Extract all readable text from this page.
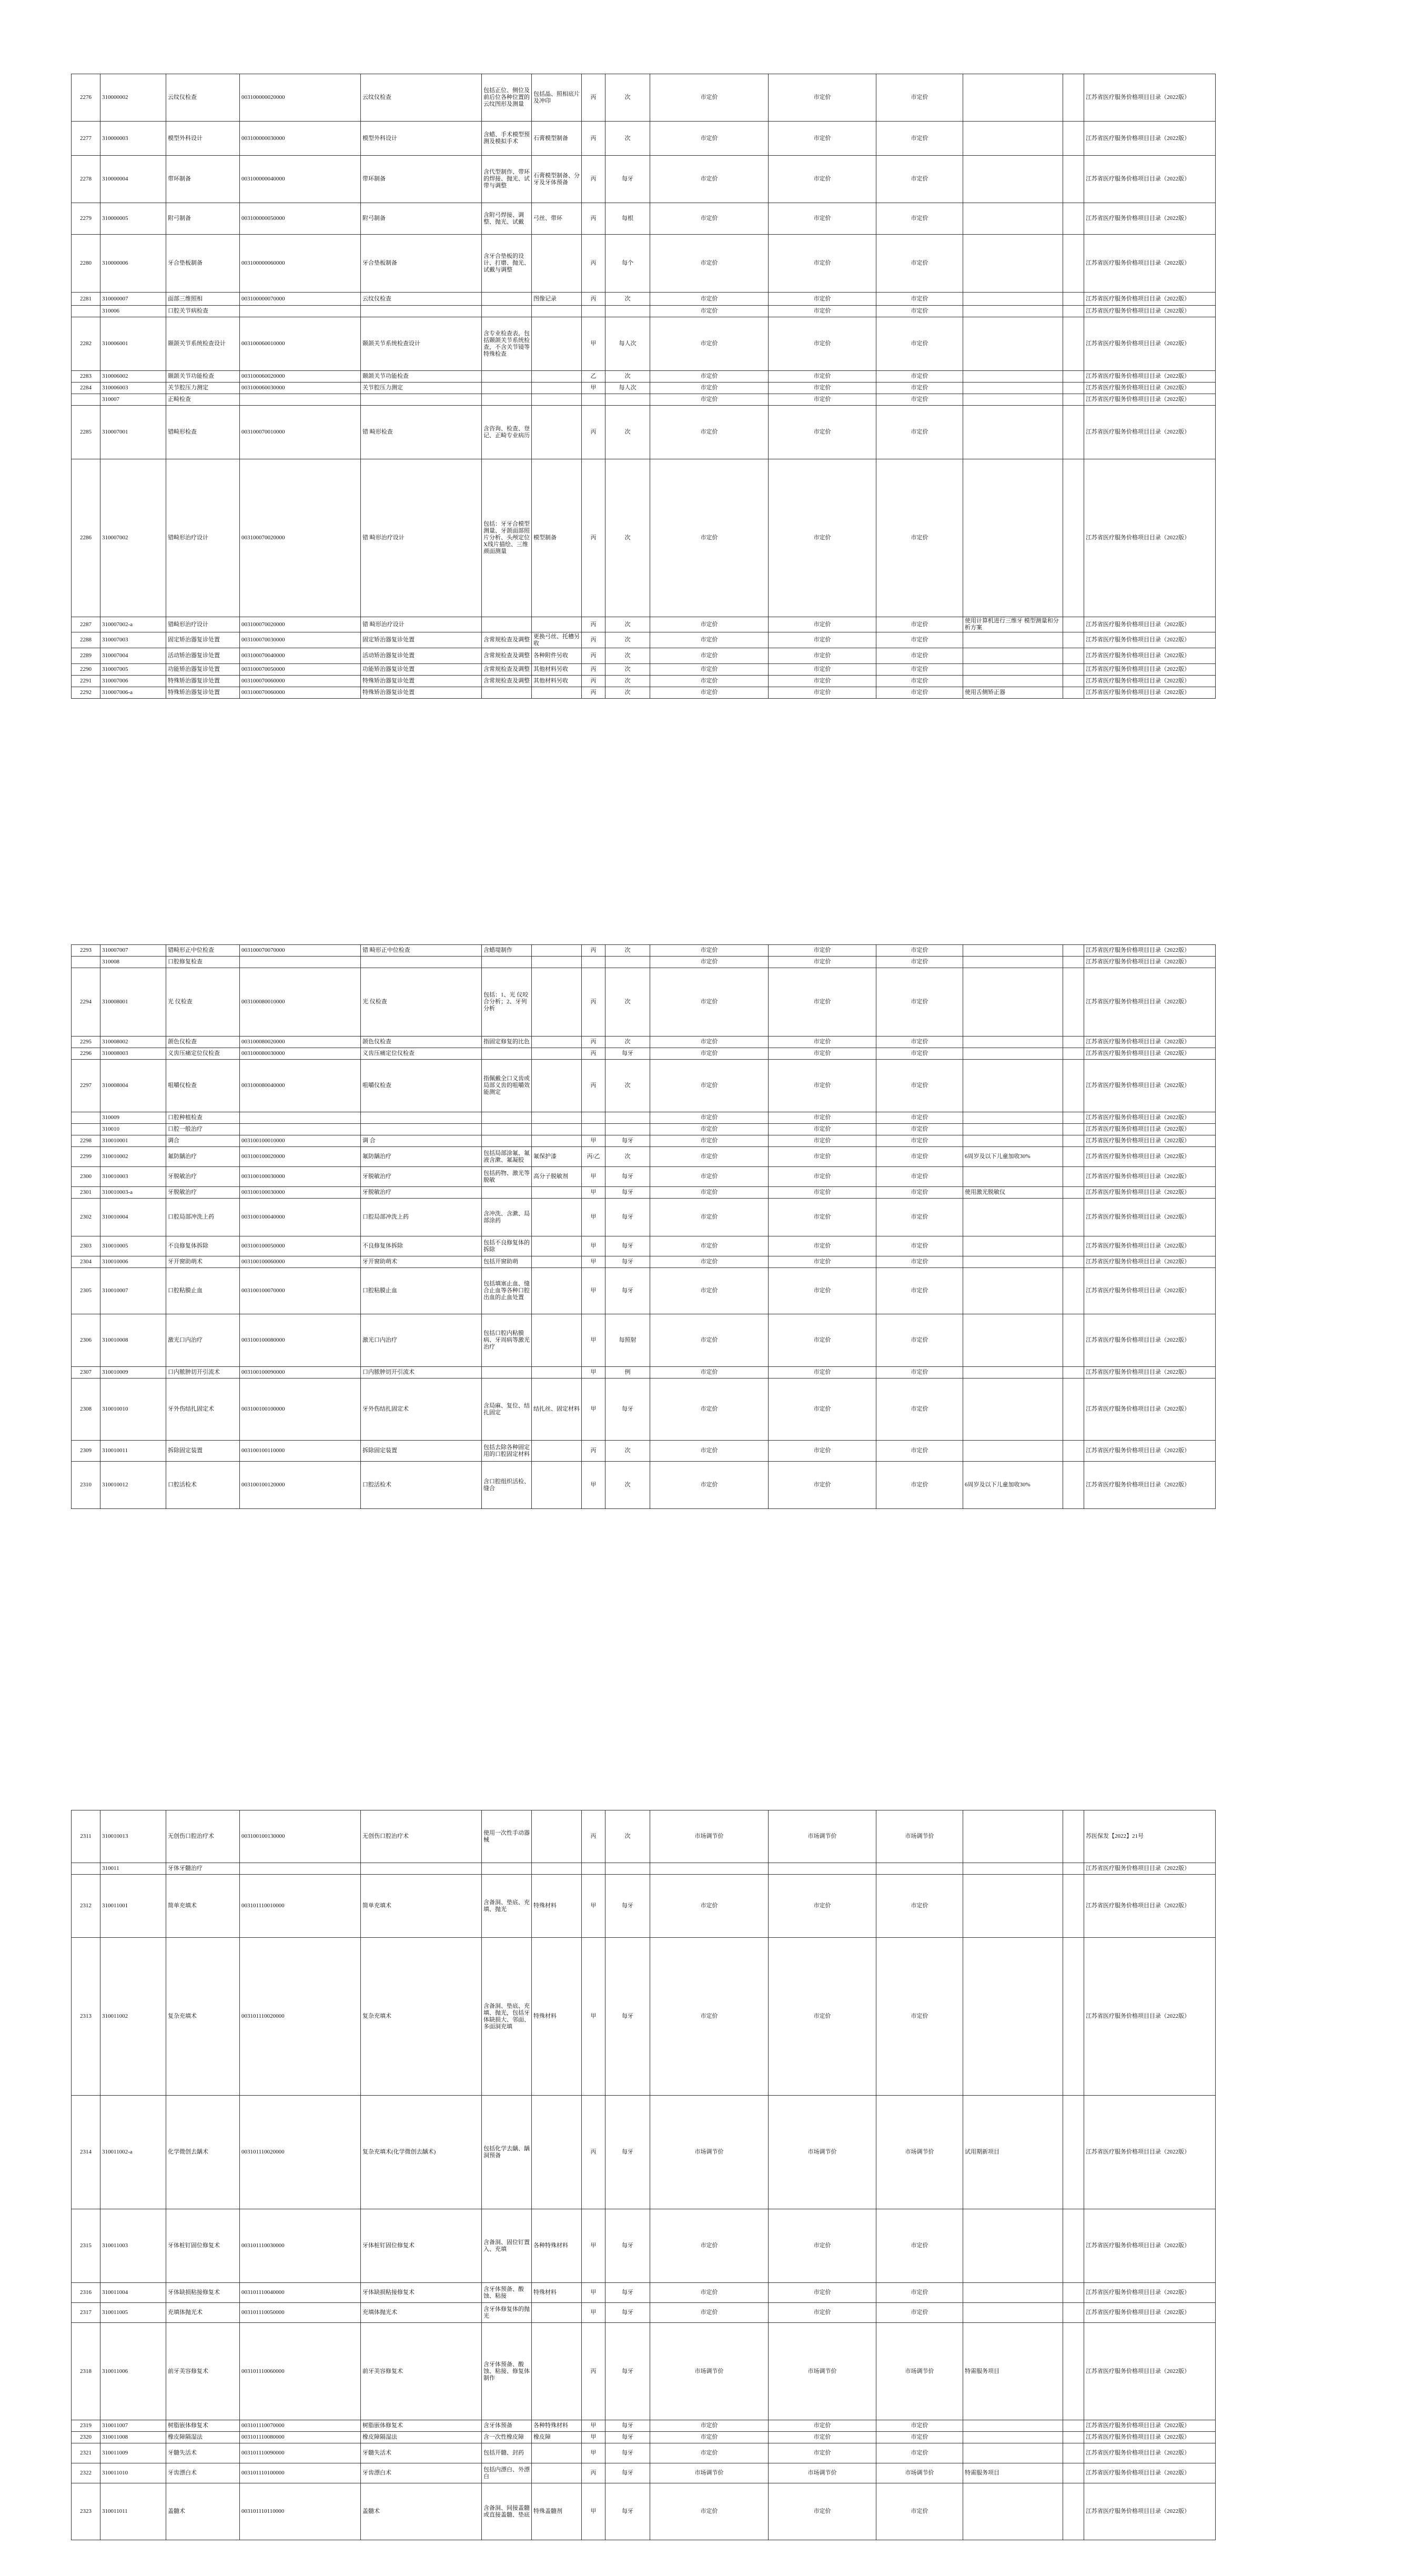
2276	310000002	云纹仪检查	003100000020000	云纹仪检查	包括正位、侧位及前后位各种位置的云纹图形及测量	包括晶、照相底片及冲印	丙	次	市定价	市定价	市定价			江苏省医疗服务价格项目目录（2022版）
2277	310000003	模型外科设计	003100000030000	模型外科设计	含蜡、手术模型预测及模拟手术	石膏模型制备	丙	次	市定价	市定价	市定价			江苏省医疗服务价格项目目录（2022版）
2278	310000004	带环制备	003100000040000	带环制备	含代型制作、带环的焊接、抛光、试带与调整	石膏模型制备、分牙及牙体预备	丙	每牙	市定价	市定价	市定价			江苏省医疗服务价格项目目录（2022版）
2279	310000005	附弓制备	003100000050000	附弓制备	含附弓焊接、调整、抛光、试戴	弓丝、带环	丙	每根	市定价	市定价	市定价			江苏省医疗服务价格项目目录（2022版）
2280	310000006	牙合垫板制备	003100000060000	牙合垫板制备	含牙合垫板的设计、打磨、抛光、试戴与调整		丙	每个	市定价	市定价	市定价			江苏省医疗服务价格项目目录（2022版）
2281	310000007	面部三维照相	003100000070000	云纹仪检查		图像记录	丙	次	市定价	市定价	市定价			江苏省医疗服务价格项目目录（2022版）
	310006	口腔关节病检查							市定价	市定价	市定价			江苏省医疗服务价格项目目录（2022版）
2282	310006001	颞颌关节系统检查设计	003100060010000	颞颌关节系统检查设计	含专业检查表，包括颞颌关节系统检查，不含关节镜等特殊检查		甲	每人次	市定价	市定价	市定价			江苏省医疗服务价格项目目录（2022版）
2283	310006002	颞颌关节功能检查	003100060020000	颞颌关节功能检查			乙	次	市定价	市定价	市定价			江苏省医疗服务价格项目目录（2022版）
2284	310006003	关节腔压力测定	003100060030000	关节腔压力测定			甲	每人次	市定价	市定价	市定价			江苏省医疗服务价格项目目录（2022版）
	310007	正畸检查							市定价	市定价	市定价			江苏省医疗服务价格项目目录（2022版）
2285	310007001	错畸形检查	003100070010000	错 畸形检查	含咨询、检查、登记、正畸专业病历		丙	次	市定价	市定价	市定价			江苏省医疗服务价格项目目录（2022版）
2286	310007002	错畸形治疗设计	003100070020000	错 畸形治疗设计	包括：牙牙合模型测量、牙颌面部照片分析、头颅定位X线片描绘、三维颜面测量	模型制备	丙	次	市定价	市定价	市定价			江苏省医疗服务价格项目目录（2022版）
2287	310007002-a	错畸形治疗设计	003100070020000	错 畸形治疗设计			丙	次	市定价	市定价	市定价	使用计算机进行三维牙 模型测量和分析方案		江苏省医疗服务价格项目目录（2022版）
2288	310007003	固定矫治器复诊处置	003100070030000	固定矫治器复诊处置	含常规检查及调整	更换弓丝、托槽另收	丙	次	市定价	市定价	市定价			江苏省医疗服务价格项目目录（2022版）
2289	310007004	活动矫治器复诊处置	003100070040000	活动矫治器复诊处置	含常规检查及调整	各种附件另收	丙	次	市定价	市定价	市定价			江苏省医疗服务价格项目目录（2022版）
2290	310007005	功能矫治器复诊处置	003100070050000	功能矫治器复诊处置	含常规检查及调整	其他材料另收	丙	次	市定价	市定价	市定价			江苏省医疗服务价格项目目录（2022版）
2291	310007006	特殊矫治器复诊处置	003100070060000	特殊矫治器复诊处置	含常规检查及调整	其他材料另收	丙	次	市定价	市定价	市定价			江苏省医疗服务价格项目目录（2022版）
2292	310007006-a	特殊矫治器复诊处置	003100070060000	特殊矫治器复诊处置			丙	次	市定价	市定价	市定价	使用舌侧矫正器		江苏省医疗服务价格项目目录（2022版）
2293	310007007	错畸形正中位检查	003100070070000	错 畸形正中位检查	含蜡堤制作		丙	次	市定价	市定价	市定价			江苏省医疗服务价格项目目录（2022版）
	310008	口腔修复检查							市定价	市定价	市定价			江苏省医疗服务价格项目目录（2022版）
2294	310008001	光 仪检查	003100080010000	光 仪检查	包括：1、光 仪咬合分析；2、牙列分析		丙	次	市定价	市定价	市定价			江苏省医疗服务价格项目目录（2022版）
2295	310008002	颌色仪检查	003100080020000	颌色仪检查	指固定修复的比色		丙	次	市定价	市定价	市定价			江苏省医疗服务价格项目目录（2022版）
2296	310008003	义齿压痛定位仪检查	003100080030000	义齿压痛定位仪检查			丙	每牙	市定价	市定价	市定价			江苏省医疗服务价格项目目录（2022版）
2297	310008004	咀嚼仪检查	003100080040000	咀嚼仪检查	指佩戴全口义齿或局部义齿的咀嚼效能测定		丙	次	市定价	市定价	市定价			江苏省医疗服务价格项目目录（2022版）
	310009	口腔种植检查							市定价	市定价	市定价			江苏省医疗服务价格项目目录（2022版）
	310010	口腔一般治疗							市定价	市定价	市定价			江苏省医疗服务价格项目目录（2022版）
2298	310010001	调合	003100100010000	调 合			甲	每牙	市定价	市定价	市定价			江苏省医疗服务价格项目目录（2022版）
2299	310010002	氟防龋治疗	003100100020000	氟防龋治疗	包括局部涂氟、氟液含漱、氟凝胶	氟保护漆	丙/乙	次	市定价	市定价	市定价	6周岁及以下儿童加收30%		江苏省医疗服务价格项目目录（2022版）
2300	310010003	牙脱敏治疗	003100100030000	牙脱敏治疗	包括药物、激光等脱敏	高分子脱敏剂	甲	每牙	市定价	市定价	市定价			江苏省医疗服务价格项目目录（2022版）
2301	310010003-a	牙脱敏治疗	003100100030000	牙脱敏治疗			甲	每牙	市定价	市定价	市定价	使用激光脱敏仪		江苏省医疗服务价格项目目录（2022版）
2302	310010004	口腔局部冲洗上药	003100100040000	口腔局部冲洗上药	含冲洗、含漱、局部涂药		甲	每牙	市定价	市定价	市定价			江苏省医疗服务价格项目目录（2022版）
2303	310010005	不良修复体拆除	003100100050000	不良修复体拆除	包括不良修复体的拆除		甲	每牙	市定价	市定价	市定价			江苏省医疗服务价格项目目录（2022版）
2304	310010006	牙开窗助萌术	003100100060000	牙开窗助萌术	包括开窗助萌		甲	每牙	市定价	市定价	市定价			江苏省医疗服务价格项目目录（2022版）
2305	310010007	口腔粘膜止血	003100100070000	口腔粘膜止血	包括填塞止血、缝合止血等各种口腔出血的止血处置		甲	每牙	市定价	市定价	市定价			江苏省医疗服务价格项目目录（2022版）
2306	310010008	激光口内治疗	003100100080000	激光口内治疗	包括口腔内粘膜病、牙周病等激光治疗		甲	每照射	市定价	市定价	市定价			江苏省医疗服务价格项目目录（2022版）
2307	310010009	口内脓肿切开引流术	003100100090000	口内脓肿切开引流术			甲	例	市定价	市定价	市定价			江苏省医疗服务价格项目目录（2022版）
2308	310010010	牙外伤结扎固定术	003100100100000	牙外伤结扎固定术	含局麻、复位、结扎固定	结扎丝、固定材料	甲	每牙	市定价	市定价	市定价			江苏省医疗服务价格项目目录（2022版）
2309	310010011	拆除固定装置	003100100110000	拆除固定装置	包括去除各种固定用的口腔固定材料		丙	次	市定价	市定价	市定价			江苏省医疗服务价格项目目录（2022版）
2310	310010012	口腔活检术	003100100120000	口腔活检术	含口腔组织活检、缝合		甲	次	市定价	市定价	市定价	6周岁及以下儿童加收30%		江苏省医疗服务价格项目目录（2022版）
2311	310010013	无创伤口腔治疗术	003100100130000	无创伤口腔治疗术	使用一次性手动器械		丙	次	市场调节价	市场调节价	市场调节价			苏医保发【2022】21号
	310011	牙体牙髓治疗												江苏省医疗服务价格项目目录（2022版）
2312	310011001	简单充填术	003101110010000	简单充填术	含备洞、垫底、充填、抛光	特殊材料	甲	每牙	市定价	市定价	市定价			江苏省医疗服务价格项目目录（2022版）
2313	310011002	复杂充填术	003101110020000	复杂充填术	含备洞、垫底、充填、抛光，包括牙体缺损大、邻面、多面洞充填	特殊材料	甲	每牙	市定价	市定价	市定价			江苏省医疗服务价格项目目录（2022版）
2314	310011002-a	化学微创去龋术	003101110020000	复杂充填术(化学微创去龋术)	包括化学去龋、龋洞预备		丙	每牙	市场调节价	市场调节价	市场调节价	试用期新项目		江苏省医疗服务价格项目目录（2022版）
2315	310011003	牙体桩钉固位修复术	003101110030000	牙体桩钉固位修复术	含备洞、固位钉置入、充填	各种特殊材料	甲	每牙	市定价	市定价	市定价			江苏省医疗服务价格项目目录（2022版）
2316	310011004	牙体缺损粘接修复术	003101110040000	牙体缺损粘接修复术	含牙体预备、酸蚀、粘接	特殊材料	甲	每牙	市定价	市定价	市定价			江苏省医疗服务价格项目目录（2022版）
2317	310011005	充填体抛光术	003101110050000	充填体抛光术	含牙体修复体的抛光		甲	每牙	市定价	市定价	市定价			江苏省医疗服务价格项目目录（2022版）
2318	310011006	前牙美容修复术	003101110060000	前牙美容修复术	含牙体预备、酸蚀、粘接、修复体制作		丙	每牙	市场调节价	市场调节价	市场调节价	特需服务项目		江苏省医疗服务价格项目目录（2022版）
2319	310011007	树脂嵌体修复术	003101110070000	树脂嵌体修复术	含牙体预备	各种特殊材料	甲	每牙	市定价	市定价	市定价			江苏省医疗服务价格项目目录（2022版）
2320	310011008	橡皮障隔湿法	003101110080000	橡皮障隔湿法	含一次性橡皮障	橡皮障	甲	每牙	市定价	市定价	市定价			江苏省医疗服务价格项目目录（2022版）
2321	310011009	牙髓失活术	003101110090000	牙髓失活术	包括开髓、封药		甲	每牙	市定价	市定价	市定价			江苏省医疗服务价格项目目录（2022版）
2322	310011010	牙齿漂白术	003101110100000	牙齿漂白术	包括内漂白、外漂白		丙	每牙	市场调节价	市场调节价	市场调节价	特需服务项目		江苏省医疗服务价格项目目录（2022版）
2323	310011011	盖髓术	003101110110000	盖髓术	含备洞、间接盖髓或直接盖髓、垫底	特殊盖髓剂	甲	每牙	市定价	市定价	市定价			江苏省医疗服务价格项目目录（2022版）
